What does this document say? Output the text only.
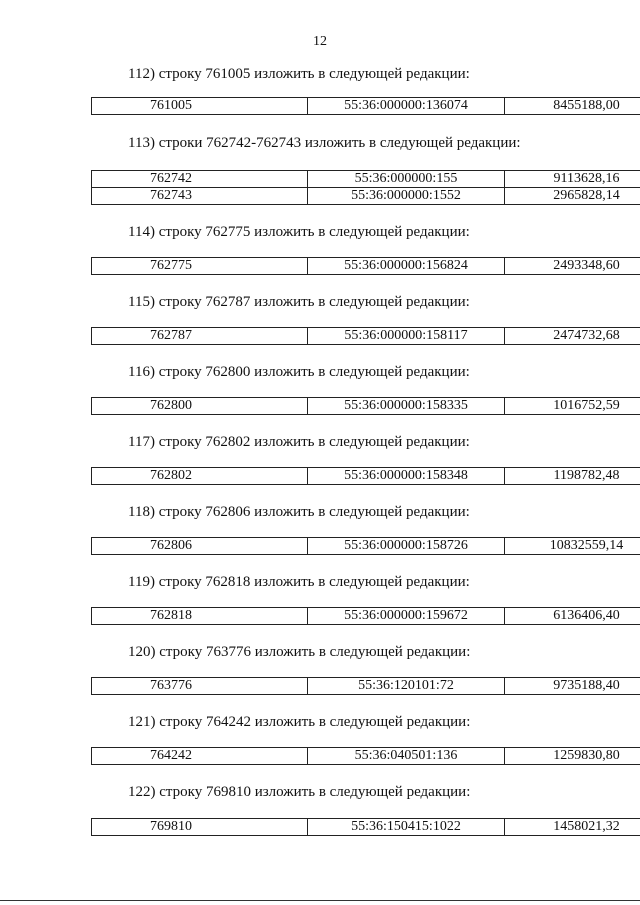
12
112) строку 761005 изложить в следующей редакции:
761005	55:36:000000:136074	8455188,00
113) строки 762742-762743 изложить в следующей редакции:
762742	55:36:000000:155	9113628,16
762743	55:36:000000:1552	2965828,14
114) строку 762775 изложить в следующей редакции:
762775	55:36:000000:156824	2493348,60
115) строку 762787 изложить в следующей редакции:
762787	55:36:000000:158117	2474732,68
116) строку 762800 изложить в следующей редакции:
762800	55:36:000000:158335	1016752,59
117) строку 762802 изложить в следующей редакции:
762802	55:36:000000:158348	1198782,48
118) строку 762806 изложить в следующей редакции:
762806	55:36:000000:158726	10832559,14
119) строку 762818 изложить в следующей редакции:
762818	55:36:000000:159672	6136406,40
120) строку 763776 изложить в следующей редакции:
763776	55:36:120101:72	9735188,40
121) строку 764242 изложить в следующей редакции:
764242	55:36:040501:136	1259830,80
122) строку 769810 изложить в следующей редакции:
769810	55:36:150415:1022	1458021,32
